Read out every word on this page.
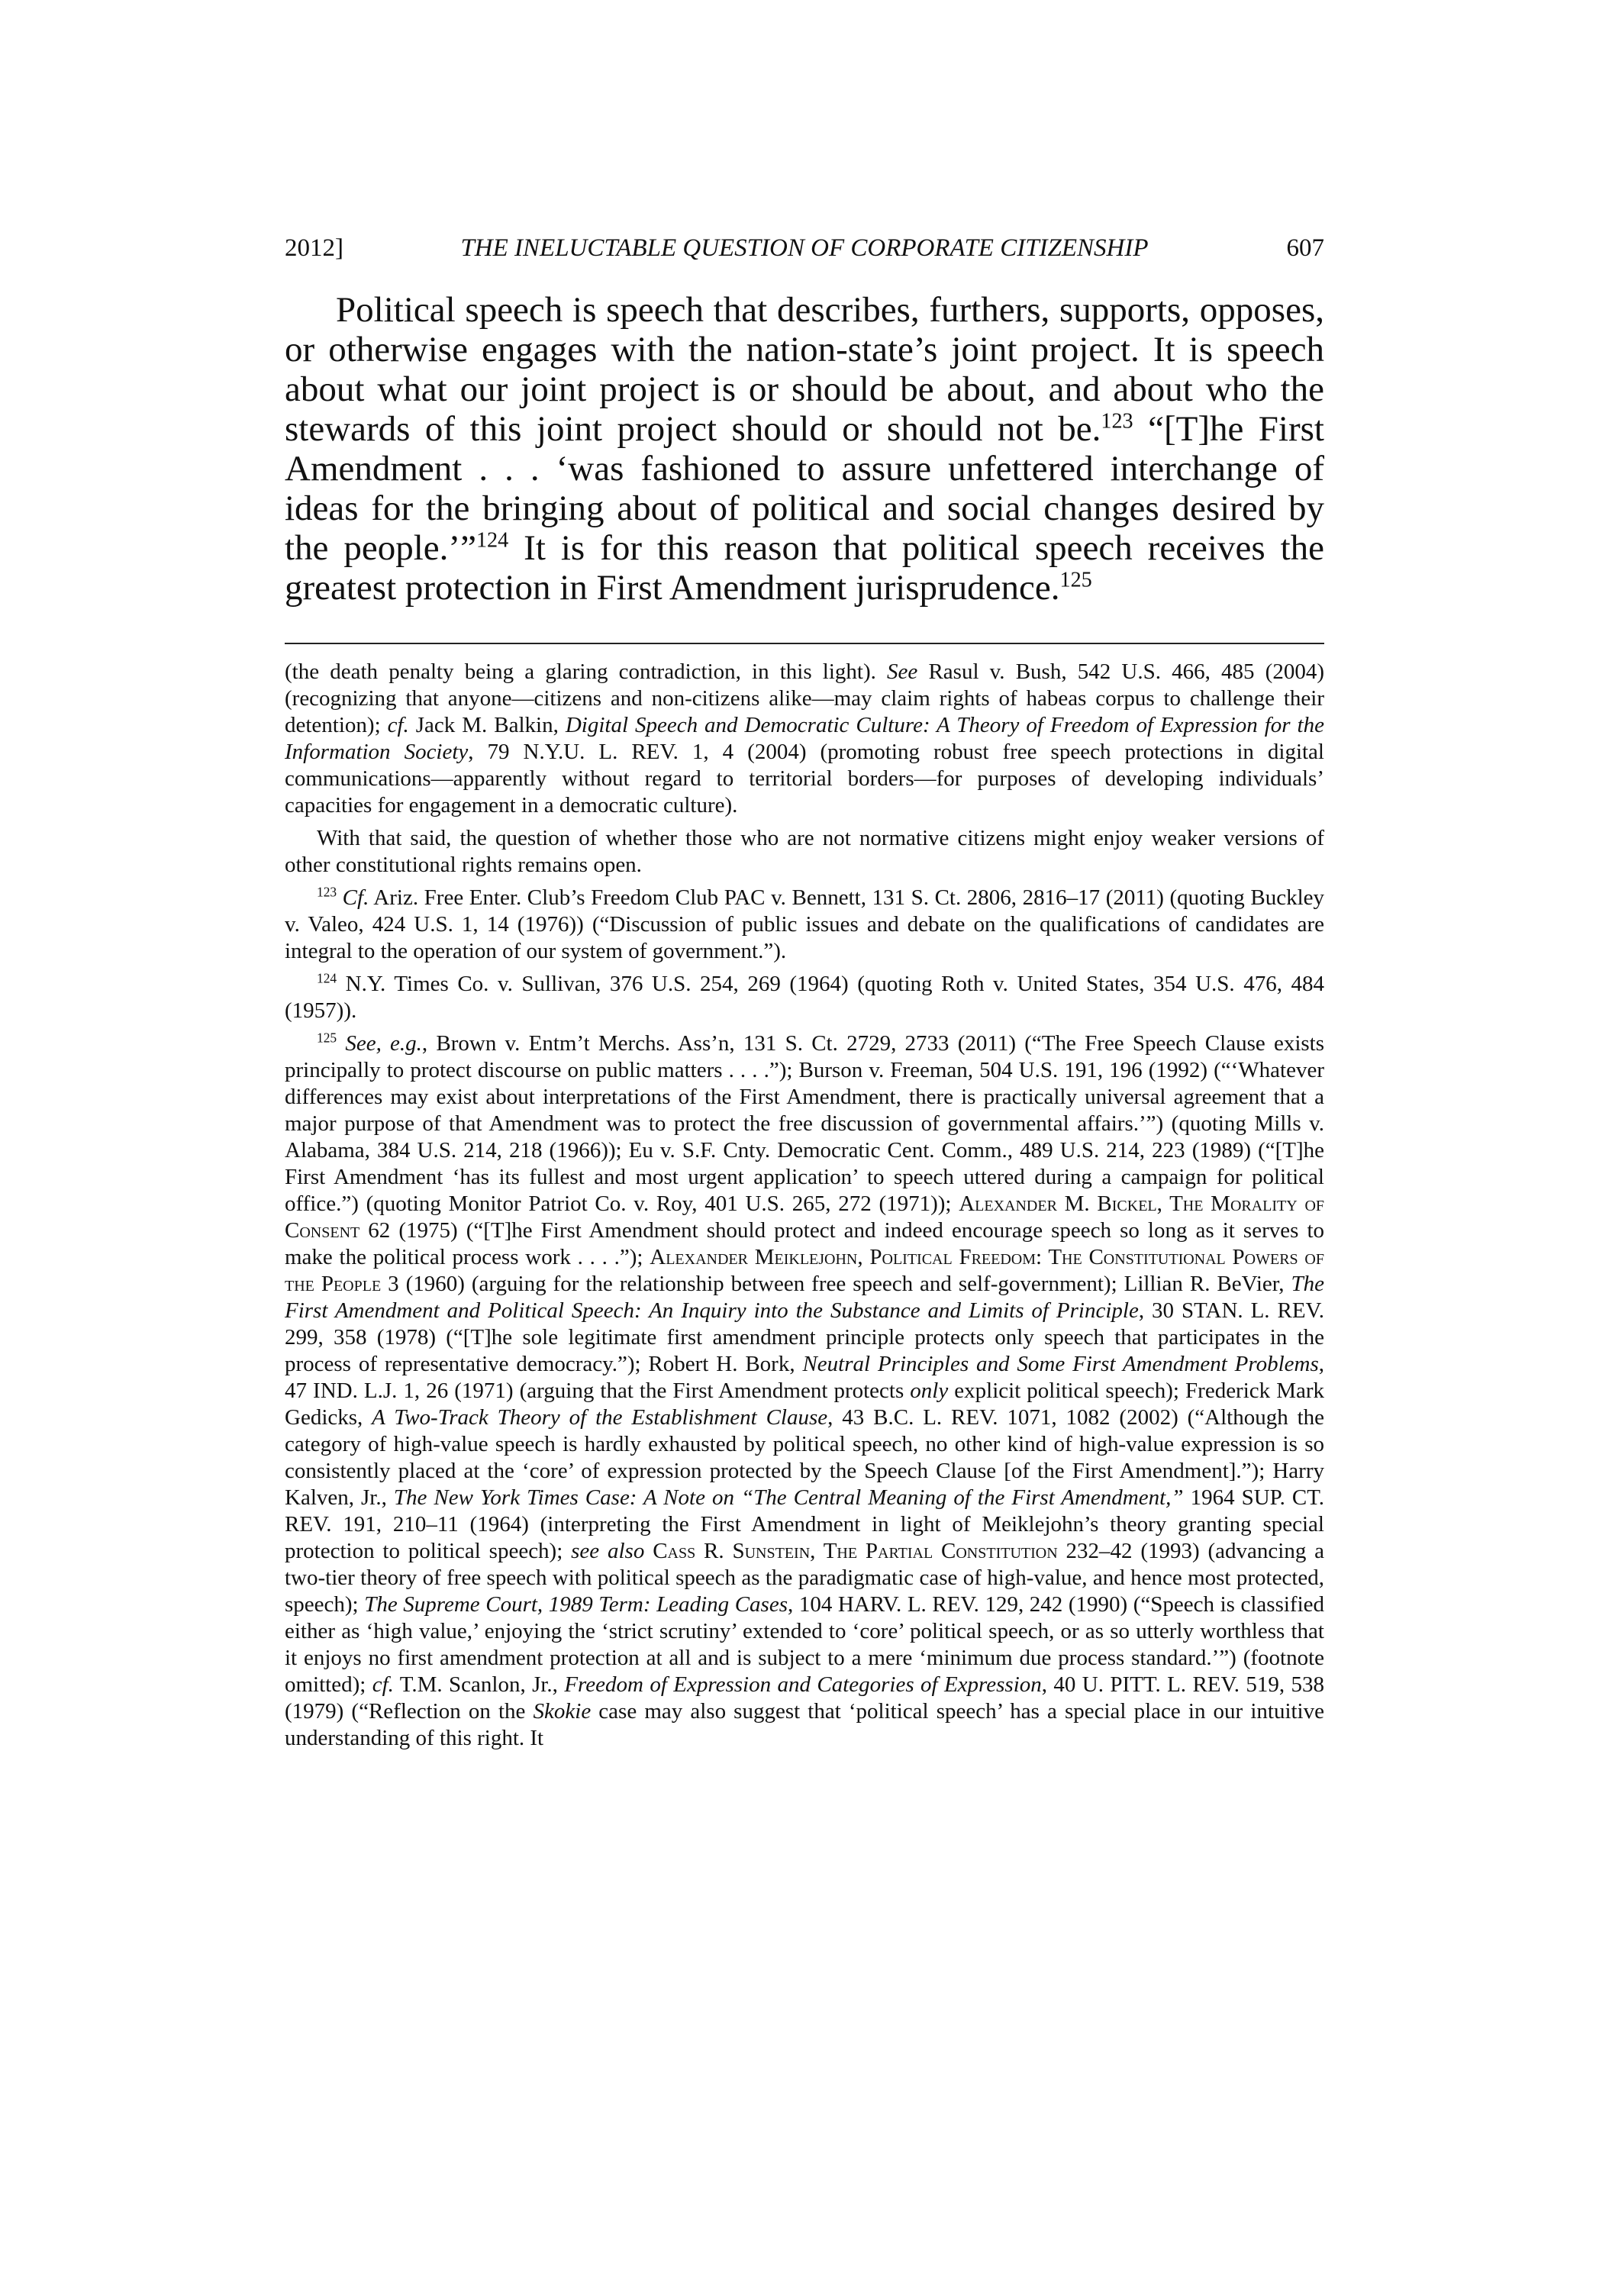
2012]	THE INELUCTABLE QUESTION OF CORPORATE CITIZENSHIP	607

Political speech is speech that describes, furthers, supports, opposes, or otherwise engages with the nation-state’s joint project. It is speech about what our joint project is or should be about, and about who the stewards of this joint project should or should not be.$^{123}$ “[T]he First Amendment . . . ‘was fashioned to assure unfettered interchange of ideas for the bringing about of political and social changes desired by the people.’”$^{124}$ It is for this reason that political speech receives the greatest protection in First Amendment jurisprudence.$^{125}$

(the death penalty being a glaring contradiction, in this light). See Rasul v. Bush, 542 U.S. 466, 485 (2004) (recognizing that anyone—citizens and non-citizens alike—may claim rights of habeas corpus to challenge their detention); cf. Jack M. Balkin, Digital Speech and Democratic Culture: A Theory of Freedom of Expression for the Information Society, 79 N.Y.U. L. REV. 1, 4 (2004) (promoting robust free speech protections in digital communications—apparently without regard to territorial borders—for purposes of developing individuals’ capacities for engagement in a democratic culture).

With that said, the question of whether those who are not normative citizens might enjoy weaker versions of other constitutional rights remains open.

$^{123}$ Cf. Ariz. Free Enter. Club’s Freedom Club PAC v. Bennett, 131 S. Ct. 2806, 2816–17 (2011) (quoting Buckley v. Valeo, 424 U.S. 1, 14 (1976)) (“Discussion of public issues and debate on the qualifications of candidates are integral to the operation of our system of government.”).

$^{124}$ N.Y. Times Co. v. Sullivan, 376 U.S. 254, 269 (1964) (quoting Roth v. United States, 354 U.S. 476, 484 (1957)).

$^{125}$ See, e.g., Brown v. Entm’t Merchs. Ass’n, 131 S. Ct. 2729, 2733 (2011) (“The Free Speech Clause exists principally to protect discourse on public matters . . . .”); Burson v. Freeman, 504 U.S. 191, 196 (1992) (“‘Whatever differences may exist about interpretations of the First Amendment, there is practically universal agreement that a major purpose of that Amendment was to protect the free discussion of governmental affairs.’”) (quoting Mills v. Alabama, 384 U.S. 214, 218 (1966)); Eu v. S.F. Cnty. Democratic Cent. Comm., 489 U.S. 214, 223 (1989) (“[T]he First Amendment ‘has its fullest and most urgent application’ to speech uttered during a campaign for political office.”) (quoting Monitor Patriot Co. v. Roy, 401 U.S. 265, 272 (1971)); Alexander M. Bickel, The Morality of Consent 62 (1975) (“[T]he First Amendment should protect and indeed encourage speech so long as it serves to make the political process work . . . .”); Alexander Meiklejohn, Political Freedom: The Constitutional Powers of the People 3 (1960) (arguing for the relationship between free speech and self-government); Lillian R. BeVier, The First Amendment and Political Speech: An Inquiry into the Substance and Limits of Principle, 30 STAN. L. REV. 299, 358 (1978) (“[T]he sole legitimate first amendment principle protects only speech that participates in the process of representative democracy.”); Robert H. Bork, Neutral Principles and Some First Amendment Problems, 47 IND. L.J. 1, 26 (1971) (arguing that the First Amendment protects only explicit political speech); Frederick Mark Gedicks, A Two-Track Theory of the Establishment Clause, 43 B.C. L. REV. 1071, 1082 (2002) (“Although the category of high-value speech is hardly exhausted by political speech, no other kind of high-value expression is so consistently placed at the ‘core’ of expression protected by the Speech Clause [of the First Amendment].”); Harry Kalven, Jr., The New York Times Case: A Note on “The Central Meaning of the First Amendment,” 1964 SUP. CT. REV. 191, 210–11 (1964) (interpreting the First Amendment in light of Meiklejohn’s theory granting special protection to political speech); see also Cass R. Sunstein, The Partial Constitution 232–42 (1993) (advancing a two-tier theory of free speech with political speech as the paradigmatic case of high-value, and hence most protected, speech); The Supreme Court, 1989 Term: Leading Cases, 104 HARV. L. REV. 129, 242 (1990) (“Speech is classified either as ‘high value,’ enjoying the ‘strict scrutiny’ extended to ‘core’ political speech, or as so utterly worthless that it enjoys no first amendment protection at all and is subject to a mere ‘minimum due process standard.’”) (footnote omitted); cf. T.M. Scanlon, Jr., Freedom of Expression and Categories of Expression, 40 U. PITT. L. REV. 519, 538 (1979) (“Reflection on the Skokie case may also suggest that ‘political speech’ has a special place in our intuitive understanding of this right. It
